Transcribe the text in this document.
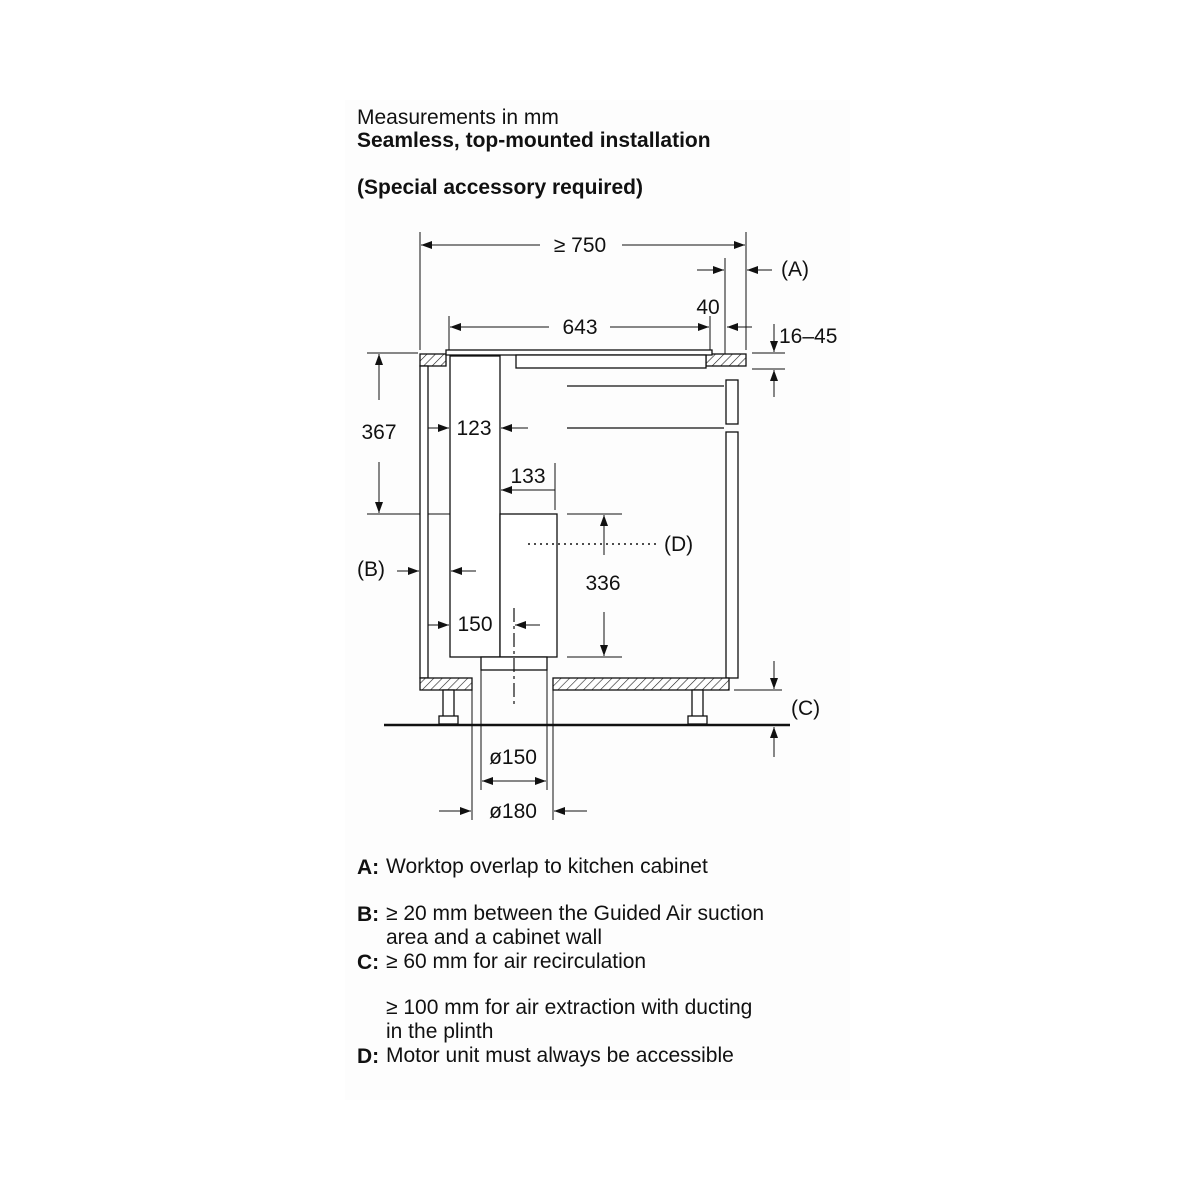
Measurements in mm
Seamless, top-mounted installation
(Special accessory required)
≥ 750
40
643	16–45
367	123
133
336
150
ø150
ø180
(A)
(B)
(C)
(D)
A: Worktop overlap to kitchen cabinet
B: ≥ 20 mm between the Guided Air suction
area and a cabinet wall
C: ≥ 60 mm for air recirculation
≥ 100 mm for air extraction with ducting
in the plinth
D: Motor unit must always be accessible
